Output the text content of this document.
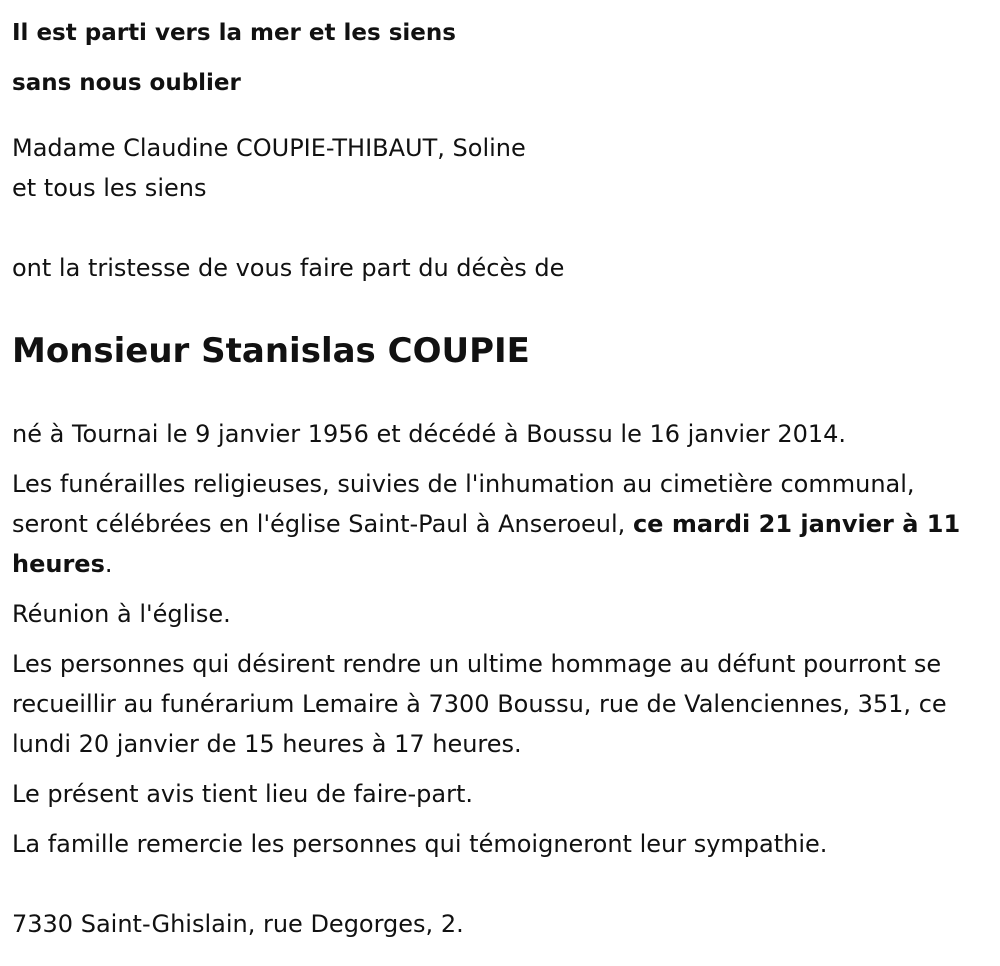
Il est parti vers la mer et les siens
sans nous oublier

Madame Claudine COUPIE-THIBAUT, Soline
et tous les siens

ont la tristesse de vous faire part du décès de

Monsieur Stanislas COUPIE

né à Tournai le 9 janvier 1956 et décédé à Boussu le 16 janvier 2014.

Les funérailles religieuses, suivies de l'inhumation au cimetière communal, seront célébrées en l'église Saint-Paul à Anseroeul, ce mardi 21 janvier à 11 heures.

Réunion à l'église.

Les personnes qui désirent rendre un ultime hommage au défunt pourront se recueillir au funérarium Lemaire à 7300 Boussu, rue de Valenciennes, 351, ce lundi 20 janvier de 15 heures à 17 heures.

Le présent avis tient lieu de faire-part.

La famille remercie les personnes qui témoigneront leur sympathie.

7330 Saint-Ghislain, rue Degorges, 2.
